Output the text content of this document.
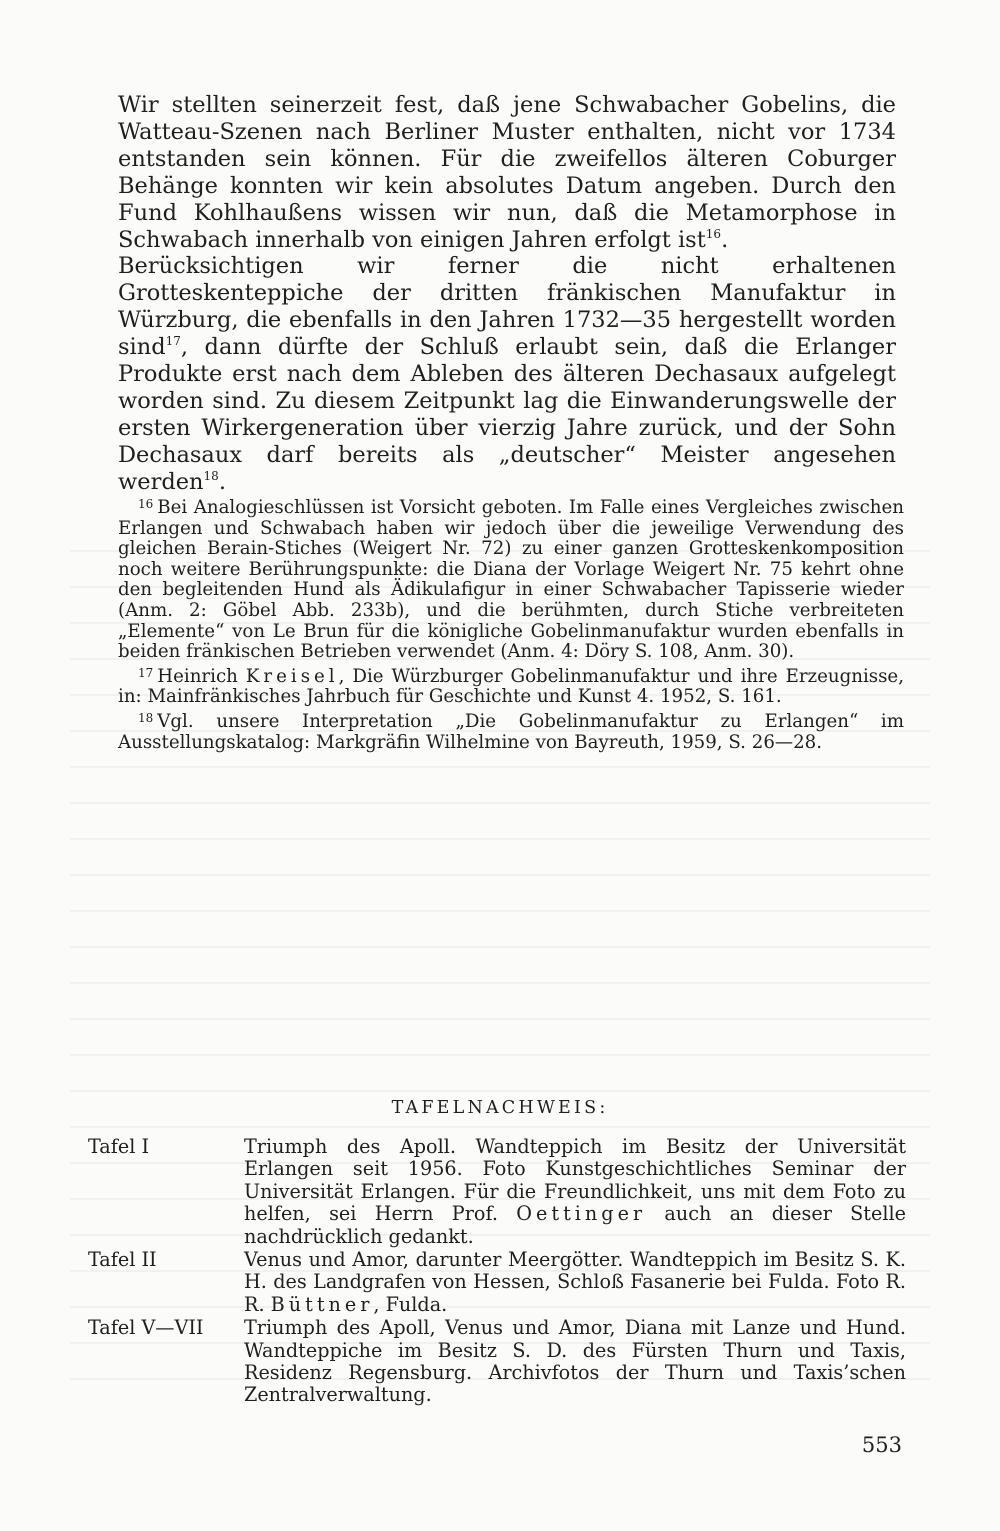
Wir stellten seinerzeit fest, daß jene Schwabacher Gobelins, die Watteau-Szenen nach Berliner Muster enthalten, nicht vor 1734 entstanden sein können. Für die zweifellos älteren Coburger Behänge konnten wir kein absolutes Datum angeben. Durch den Fund Kohlhaußens wissen wir nun, daß die Metamorphose in Schwabach innerhalb von einigen Jahren erfolgt ist$^{16}$.

Berücksichtigen wir ferner die nicht erhaltenen Grotteskenteppiche der dritten fränkischen Manufaktur in Würzburg, die ebenfalls in den Jahren 1732—35 hergestellt worden sind$^{17}$, dann dürfte der Schluß erlaubt sein, daß die Erlanger Produkte erst nach dem Ableben des älteren Dechasaux aufgelegt worden sind. Zu diesem Zeitpunkt lag die Einwanderungswelle der ersten Wirkergeneration über vierzig Jahre zurück, und der Sohn Dechasaux darf bereits als „deutscher“ Meister angesehen werden$^{18}$.

$^{16}$ Bei Analogieschlüssen ist Vorsicht geboten. Im Falle eines Vergleiches zwischen Erlangen und Schwabach haben wir jedoch über die jeweilige Verwendung des gleichen Berain-Stiches (Weigert Nr. 72) zu einer ganzen Grotteskenkomposition noch weitere Berührungspunkte: die Diana der Vorlage Weigert Nr. 75 kehrt ohne den begleitenden Hund als Ädikulafigur in einer Schwabacher Tapisserie wieder (Anm. 2: Göbel Abb. 233b), und die berühmten, durch Stiche verbreiteten „Elemente“ von Le Brun für die königliche Gobelinmanufaktur wurden ebenfalls in beiden fränkischen Betrieben verwendet (Anm. 4: Döry S. 108, Anm. 30).

$^{17}$ Heinrich Kreisel, Die Würzburger Gobelinmanufaktur und ihre Erzeugnisse, in: Mainfränkisches Jahrbuch für Geschichte und Kunst 4. 1952, S. 161.

$^{18}$ Vgl. unsere Interpretation „Die Gobelinmanufaktur zu Erlangen“ im Ausstellungskatalog: Markgräfin Wilhelmine von Bayreuth, 1959, S. 26—28.

TAFELNACHWEIS:
Tafel I	Triumph des Apoll. Wandteppich im Besitz der Universität Erlangen seit 1956. Foto Kunstgeschichtliches Seminar der Universität Erlangen. Für die Freundlichkeit, uns mit dem Foto zu helfen, sei Herrn Prof. Oettinger auch an dieser Stelle nachdrücklich gedankt.
Tafel II	Venus und Amor, darunter Meergötter. Wandteppich im Besitz S. K. H. des Landgrafen von Hessen, Schloß Fasanerie bei Fulda. Foto R. R. Büttner, Fulda.
Tafel V—VII	Triumph des Apoll, Venus und Amor, Diana mit Lanze und Hund. Wandteppiche im Besitz S. D. des Fürsten Thurn und Taxis, Residenz Regensburg. Archivfotos der Thurn und Taxis’schen Zentralverwaltung.
553
